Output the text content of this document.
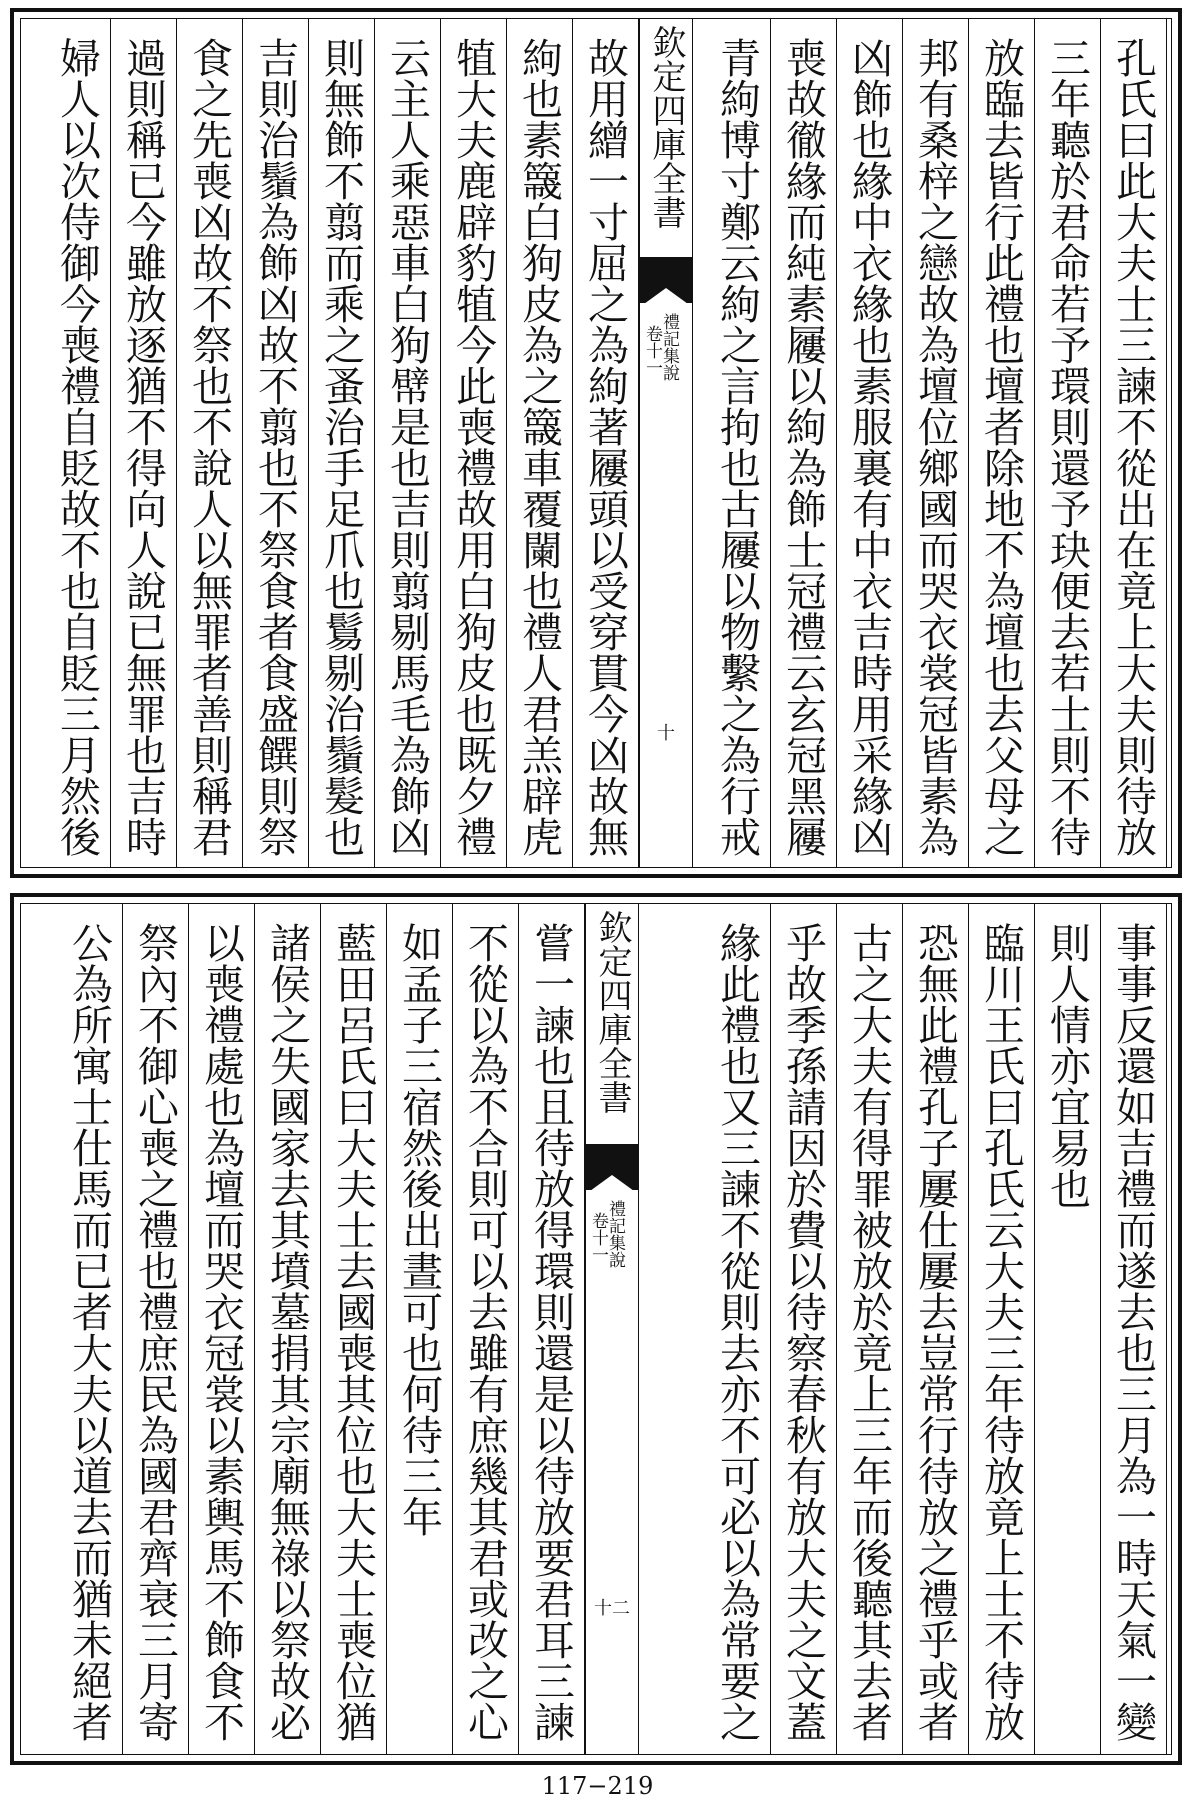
孔氏曰此大夫士三諫不從出在竟上大夫則待放
三年聽於君命若予環則還予玦便去若士則不待
放臨去皆行此禮也壇者除地不為壇也去父母之
邦有桑梓之戀故為壇位鄉國而哭衣裳冠皆素為
凶飾也緣中衣緣也素服裏有中衣吉時用采緣凶
喪故徹緣而純素屨以絇為飾士冠禮云玄冠黑屨
青絇博寸鄭云絇之言拘也古屨以物繫之為行戒
欽定四庫全書
禮記集說
卷十一
十
故用繒一寸屈之為絇著屨頭以受穿貫今凶故無
絇也素簚白狗皮為之簚車覆闌也禮人君羔辟虎
犆大夫鹿辟豹犆今此喪禮故用白狗皮也既夕禮
云主人乘惡車白狗幦是也吉則翦剔馬毛為飾凶
則無飾不翦而乘之蚤治手足爪也鬄剔治鬚髮也
吉則治鬚為飾凶故不翦也不祭食者食盛饌則祭
食之先喪凶故不祭也不說人以無罪者善則稱君
過則稱已今雖放逐猶不得向人說已無罪也吉時
婦人以次侍御今喪禮自貶故不也自貶三月然後
事事反還如吉禮而遂去也三月為一時天氣一變
則人情亦宜易也
臨川王氏曰孔氏云大夫三年待放竟上士不待放
恐無此禮孔子屢仕屢去豈常行待放之禮乎或者
古之大夫有得罪被放於竟上三年而後聽其去者
乎故季孫請因於費以待察春秋有放大夫之文蓋
緣此禮也又三諫不從則去亦不可必以為常要之
欽定四庫全書
禮記集說
卷十一
十二
嘗一諫也且待放得環則還是以待放要君耳三諫
不從以為不合則可以去雖有庶幾其君或改之心
如孟子三宿然後出晝可也何待三年
藍田呂氏曰大夫士去國喪其位也大夫士喪位猶
諸侯之失國家去其墳墓捐其宗廟無祿以祭故必
以喪禮處也為壇而哭衣冠裳以素輿馬不飾食不
祭內不御心喪之禮也禮庶民為國君齊衰三月寄
公為所寓士仕馬而已者大夫以道去而猶未絕者
117−219
